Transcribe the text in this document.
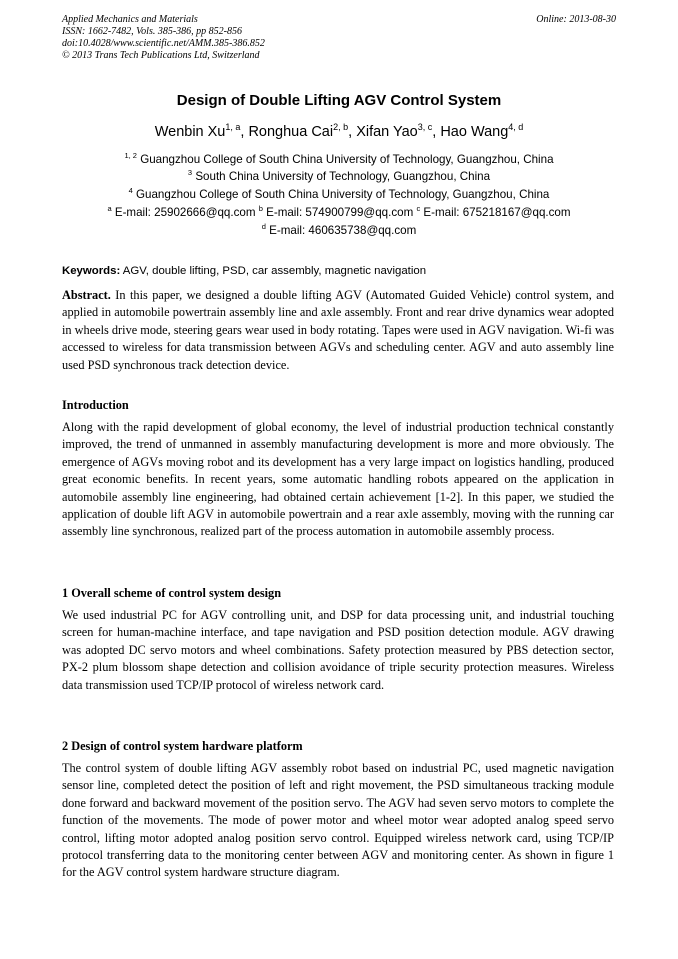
Applied Mechanics and Materials
ISSN: 1662-7482, Vols. 385-386, pp 852-856
doi:10.4028/www.scientific.net/AMM.385-386.852
© 2013 Trans Tech Publications Ltd, Switzerland
Online: 2013-08-30
Design of Double Lifting AGV Control System
Wenbin Xu$^{1, a}$, Ronghua Cai$^{2, b}$, Xifan Yao$^{3, c}$, Hao Wang$^{4, d}$
$^{1, 2}$ Guangzhou College of South China University of Technology, Guangzhou, China
$^3$ South China University of Technology, Guangzhou, China
$^4$ Guangzhou College of South China University of Technology, Guangzhou, China
$^a$ E-mail: 25902666@qq.com $^b$ E-mail: 574900799@qq.com $^c$ E-mail: 675218167@qq.com
$^d$ E-mail: 460635738@qq.com
Keywords: AGV, double lifting, PSD, car assembly, magnetic navigation
Abstract. In this paper, we designed a double lifting AGV (Automated Guided Vehicle) control system, and applied in automobile powertrain assembly line and axle assembly. Front and rear drive dynamics wear adopted in wheels drive mode, steering gears wear used in body rotating. Tapes were used in AGV navigation. Wi-fi was accessed to wireless for data transmission between AGVs and scheduling center. AGV and auto assembly line used PSD synchronous track detection device.
Introduction
Along with the rapid development of global economy, the level of industrial production technical constantly improved, the trend of unmanned in assembly manufacturing development is more and more obviously. The emergence of AGVs moving robot and its development has a very large impact on logistics handling, produced great economic benefits. In recent years, some automatic handling robots appeared on the application in automobile assembly line engineering, had obtained certain achievement [1-2]. In this paper, we studied the application of double lift AGV in automobile powertrain and a rear axle assembly, moving with the running car assembly line synchronous, realized part of the process automation in automobile assembly process.
1 Overall scheme of control system design
We used industrial PC for AGV controlling unit, and DSP for data processing unit, and industrial touching screen for human-machine interface, and tape navigation and PSD position detection module. AGV drawing was adopted DC servo motors and wheel combinations. Safety protection measured by PBS detection sector, PX-2 plum blossom shape detection and collision avoidance of triple security protection measures. Wireless data transmission used TCP/IP protocol of wireless network card.
2 Design of control system hardware platform
The control system of double lifting AGV assembly robot based on industrial PC, used magnetic navigation sensor line, completed detect the position of left and right movement, the PSD simultaneous tracking module done forward and backward movement of the position servo. The AGV had seven servo motors to complete the function of the movements. The mode of power motor and wheel motor wear adopted analog speed servo control, lifting motor adopted analog position servo control. Equipped wireless network card, using TCP/IP protocol transferring data to the monitoring center between AGV and monitoring center. As shown in figure 1 for the AGV control system hardware structure diagram.
